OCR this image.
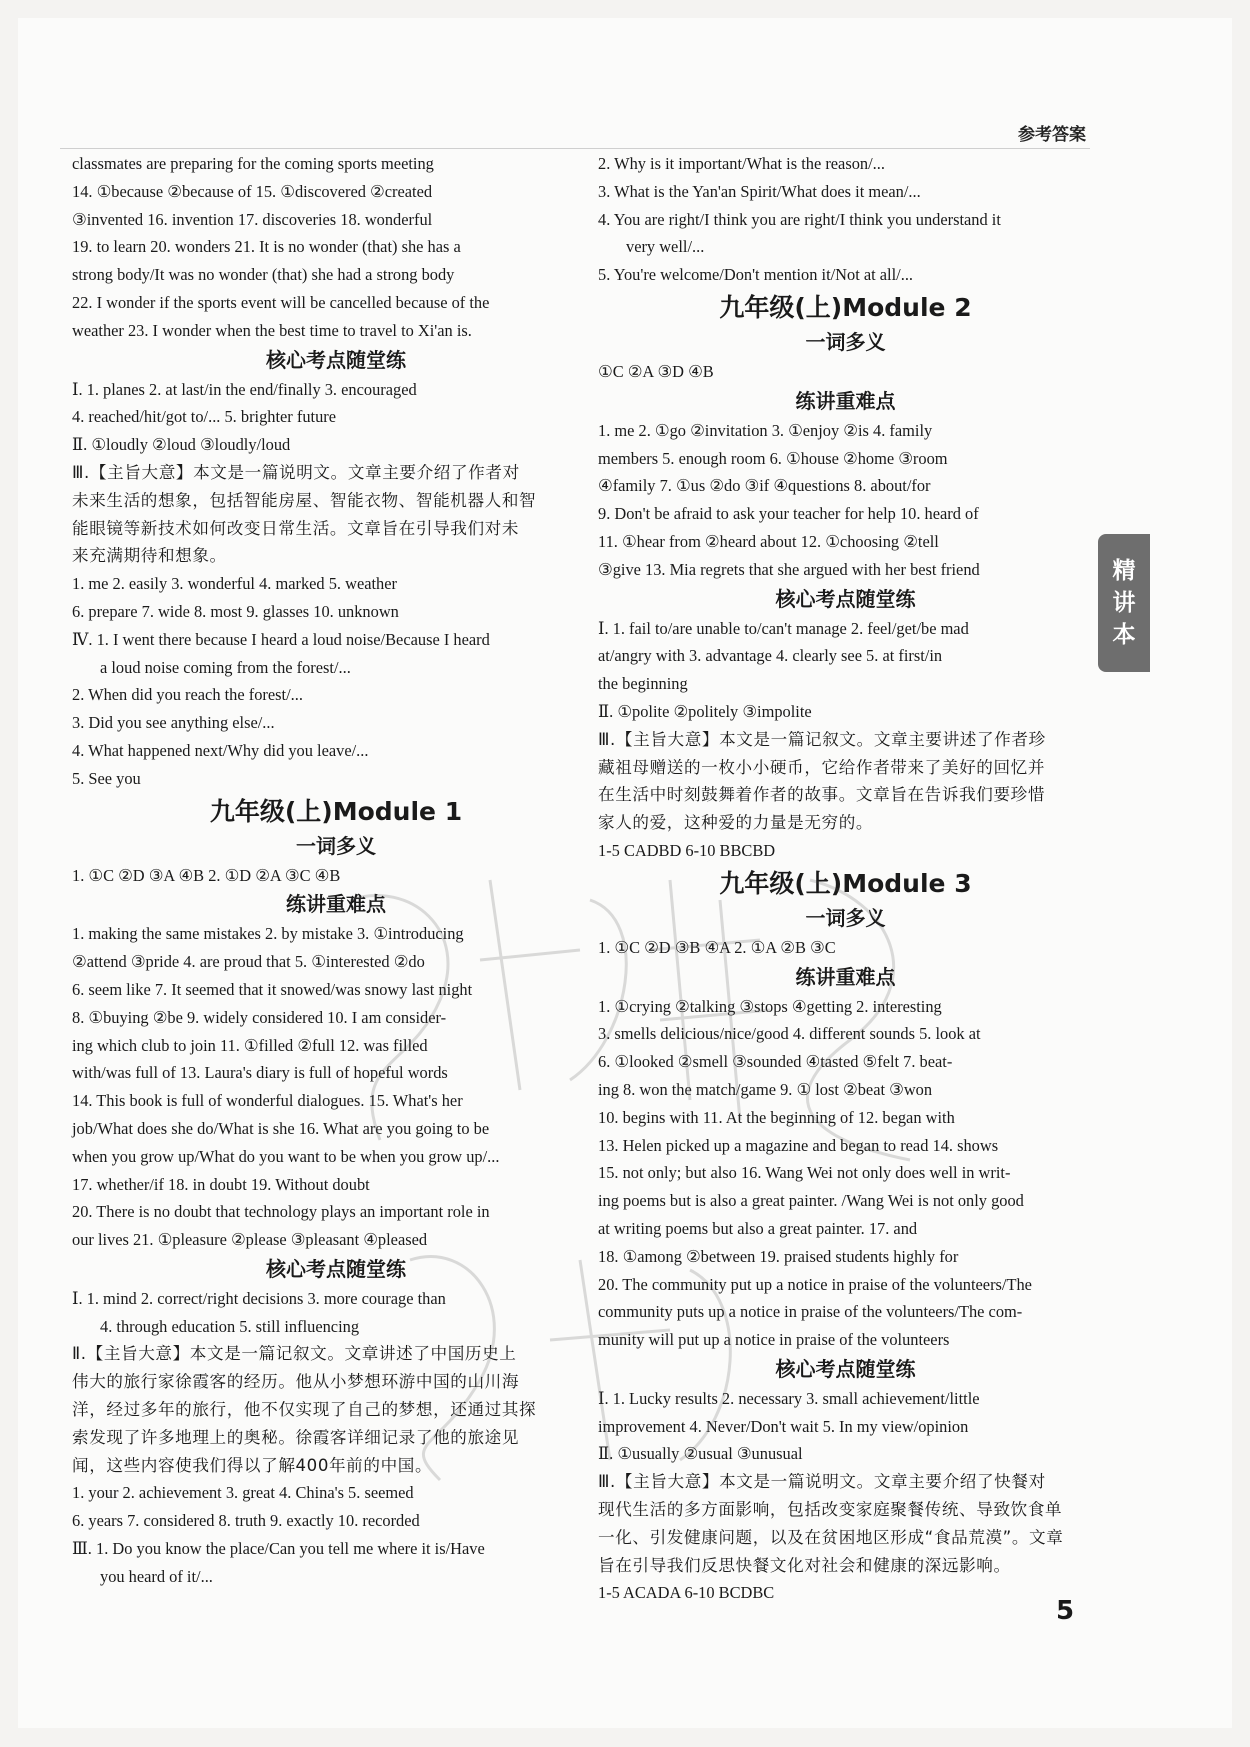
参考答案
classmates are preparing for the coming sports meeting
14. ①because ②because of 15. ①discovered ②created
③invented 16. invention 17. discoveries 18. wonderful
19. to learn 20. wonders 21. It is no wonder (that) she has a
strong body/It was no wonder (that) she had a strong body
22. I wonder if the sports event will be cancelled because of the
weather 23. I wonder when the best time to travel to Xi'an is.
核心考点随堂练
Ⅰ. 1. planes 2. at last/in the end/finally 3. encouraged
4. reached/hit/got to/... 5. brighter future
Ⅱ. ①loudly ②loud ③loudly/loud
Ⅲ.【主旨大意】本文是一篇说明文。文章主要介绍了作者对
未来生活的想象，包括智能房屋、智能衣物、智能机器人和智
能眼镜等新技术如何改变日常生活。文章旨在引导我们对未
来充满期待和想象。
1. me 2. easily 3. wonderful 4. marked 5. weather
6. prepare 7. wide 8. most 9. glasses 10. unknown
Ⅳ. 1. I went there because I heard a loud noise/Because I heard
a loud noise coming from the forest/...
2. When did you reach the forest/...
3. Did you see anything else/...
4. What happened next/Why did you leave/...
5. See you
九年级(上)Module 1
一词多义
1. ①C ②D ③A ④B 2. ①D ②A ③C ④B
练讲重难点
1. making the same mistakes 2. by mistake 3. ①introducing
②attend ③pride 4. are proud that 5. ①interested ②do
6. seem like 7. It seemed that it snowed/was snowy last night
8. ①buying ②be 9. widely considered 10. I am consider-
ing which club to join 11. ①filled ②full 12. was filled
with/was full of 13. Laura's diary is full of hopeful words
14. This book is full of wonderful dialogues. 15. What's her
job/What does she do/What is she 16. What are you going to be
when you grow up/What do you want to be when you grow up/...
17. whether/if 18. in doubt 19. Without doubt
20. There is no doubt that technology plays an important role in
our lives 21. ①pleasure ②please ③pleasant ④pleased
核心考点随堂练
Ⅰ. 1. mind 2. correct/right decisions 3. more courage than
4. through education 5. still influencing
Ⅱ.【主旨大意】本文是一篇记叙文。文章讲述了中国历史上
伟大的旅行家徐霞客的经历。他从小梦想环游中国的山川海
洋，经过多年的旅行，他不仅实现了自己的梦想，还通过其探
索发现了许多地理上的奥秘。徐霞客详细记录了他的旅途见
闻，这些内容使我们得以了解400年前的中国。
1. your 2. achievement 3. great 4. China's 5. seemed
6. years 7. considered 8. truth 9. exactly 10. recorded
Ⅲ. 1. Do you know the place/Can you tell me where it is/Have
you heard of it/...
2. Why is it important/What is the reason/...
3. What is the Yan'an Spirit/What does it mean/...
4. You are right/I think you are right/I think you understand it
very well/...
5. You're welcome/Don't mention it/Not at all/...
九年级(上)Module 2
一词多义
①C ②A ③D ④B
练讲重难点
1. me 2. ①go ②invitation 3. ①enjoy ②is 4. family
members 5. enough room 6. ①house ②home ③room
④family 7. ①us ②do ③if ④questions 8. about/for
9. Don't be afraid to ask your teacher for help 10. heard of
11. ①hear from ②heard about 12. ①choosing ②tell
③give 13. Mia regrets that she argued with her best friend
核心考点随堂练
Ⅰ. 1. fail to/are unable to/can't manage 2. feel/get/be mad
at/angry with 3. advantage 4. clearly see 5. at first/in
the beginning
Ⅱ. ①polite ②politely ③impolite
Ⅲ.【主旨大意】本文是一篇记叙文。文章主要讲述了作者珍
藏祖母赠送的一枚小小硬币，它给作者带来了美好的回忆并
在生活中时刻鼓舞着作者的故事。文章旨在告诉我们要珍惜
家人的爱，这种爱的力量是无穷的。
1-5 CADBD 6-10 BBCBD
九年级(上)Module 3
一词多义
1. ①C ②D ③B ④A 2. ①A ②B ③C
练讲重难点
1. ①crying ②talking ③stops ④getting 2. interesting
3. smells delicious/nice/good 4. different sounds 5. look at
6. ①looked ②smell ③sounded ④tasted ⑤felt 7. beat-
ing 8. won the match/game 9. ① lost ②beat ③won
10. begins with 11. At the beginning of 12. began with
13. Helen picked up a magazine and began to read 14. shows
15. not only; but also 16. Wang Wei not only does well in writ-
ing poems but is also a great painter. /Wang Wei is not only good
at writing poems but also a great painter. 17. and
18. ①among ②between 19. praised students highly for
20. The community put up a notice in praise of the volunteers/The
community puts up a notice in praise of the volunteers/The com-
munity will put up a notice in praise of the volunteers
核心考点随堂练
Ⅰ. 1. Lucky results 2. necessary 3. small achievement/little
improvement 4. Never/Don't wait 5. In my view/opinion
Ⅱ. ①usually ②usual ③unusual
Ⅲ.【主旨大意】本文是一篇说明文。文章主要介绍了快餐对
现代生活的多方面影响，包括改变家庭聚餐传统、导致饮食单
一化、引发健康问题，以及在贫困地区形成“食品荒漠”。文章
旨在引导我们反思快餐文化对社会和健康的深远影响。
1-5 ACADA 6-10 BCDBC
精
讲
本
5
